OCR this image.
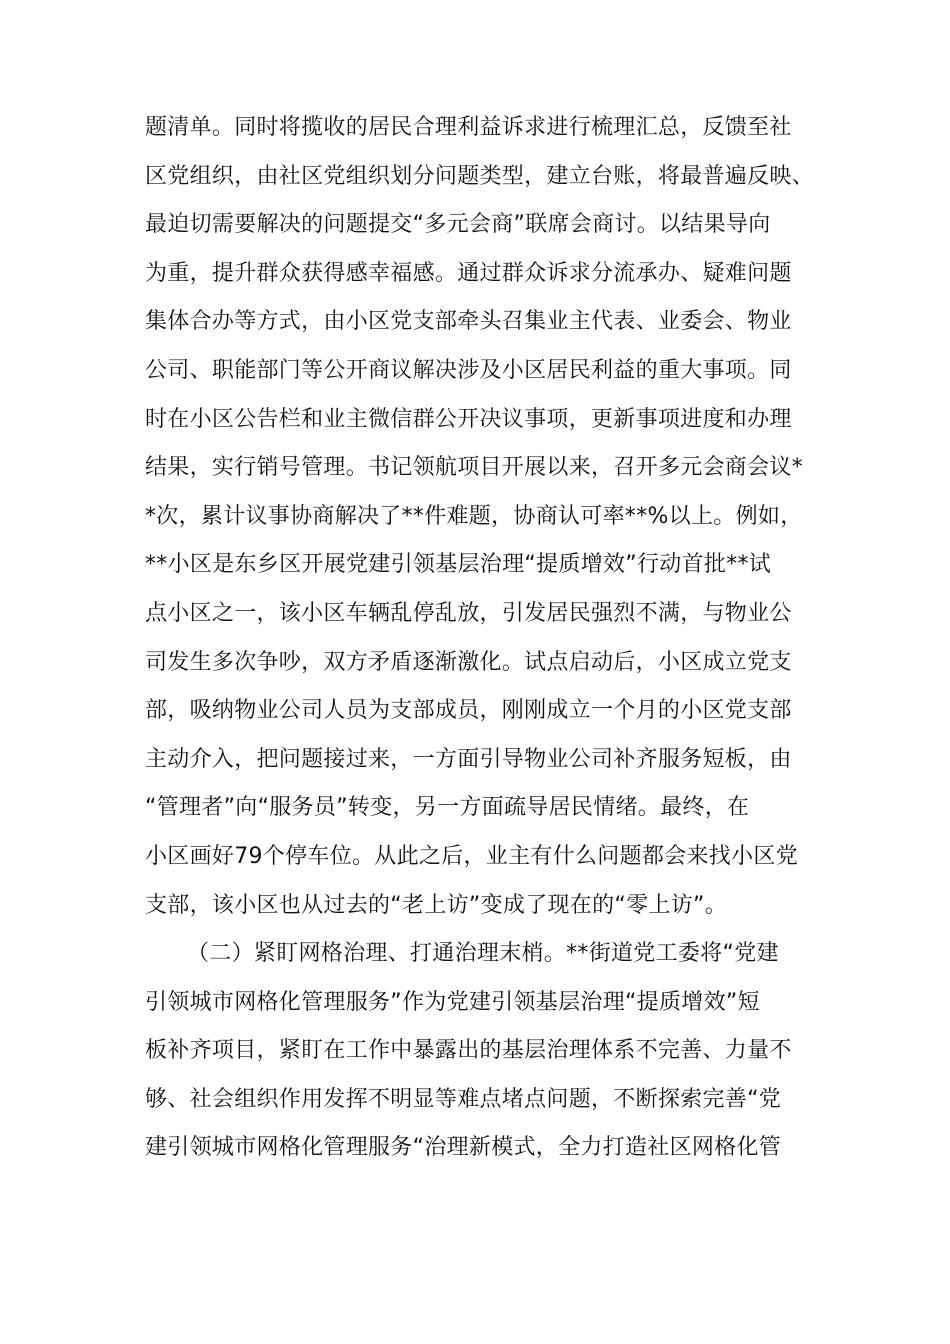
题清单。同时将揽收的居民合理利益诉求进行梳理汇总，反馈至社
区党组织，由社区党组织划分问题类型，建立台账，将最普遍反映、
最迫切需要解决的问题提交“多元会商”联席会商讨。以结果导向
为重，提升群众获得感幸福感。通过群众诉求分流承办、疑难问题
集体合办等方式，由小区党支部牵头召集业主代表、业委会、物业
公司、职能部门等公开商议解决涉及小区居民利益的重大事项。同
时在小区公告栏和业主微信群公开决议事项，更新事项进度和办理
结果，实行销号管理。书记领航项目开展以来，召开多元会商会议*
*次，累计议事协商解决了**件难题，协商认可率**%以上。例如，
**小区是东乡区开展党建引领基层治理“提质增效”行动首批**试
点小区之一，该小区车辆乱停乱放，引发居民强烈不满，与物业公
司发生多次争吵，双方矛盾逐渐激化。试点启动后，小区成立党支
部，吸纳物业公司人员为支部成员，刚刚成立一个月的小区党支部
主动介入，把问题接过来，一方面引导物业公司补齐服务短板，由
“管理者”向“服务员”转变，另一方面疏导居民情绪。最终，在
小区画好79个停车位。从此之后，业主有什么问题都会来找小区党
支部，该小区也从过去的“老上访”变成了现在的“零上访”。
（二）紧盯网格治理、打通治理末梢。**街道党工委将“党建
引领城市网格化管理服务”作为党建引领基层治理“提质增效”短
板补齐项目，紧盯在工作中暴露出的基层治理体系不完善、力量不
够、社会组织作用发挥不明显等难点堵点问题，不断探索完善“党
建引领城市网格化管理服务“治理新模式，全力打造社区网格化管
